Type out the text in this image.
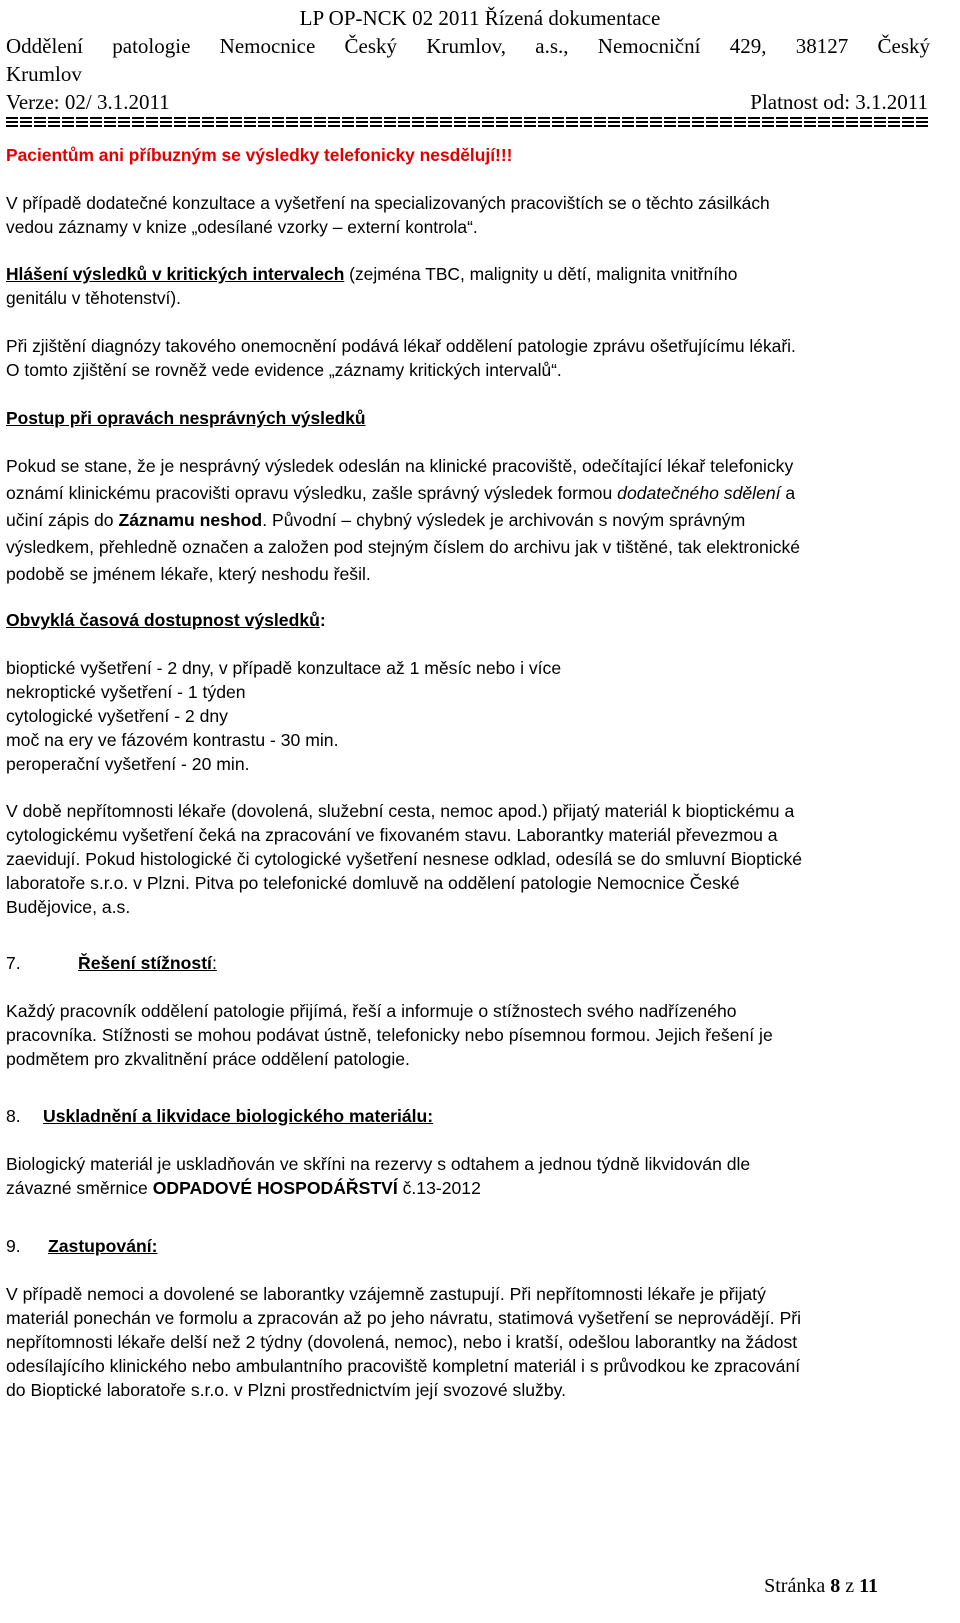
LP OP-NCK 02 2011 Řízená dokumentace
Oddělení patologie Nemocnice Český Krumlov, a.s., Nemocniční 429, 38127 Český
Krumlov
Verze: 02/ 3.1.2011	Platnost od: 3.1.2011
Pacientům ani příbuzným se výsledky telefonicky nesdělují!!!
V případě dodatečné konzultace a vyšetření na specializovaných pracovištích se o těchto zásilkách
vedou záznamy v knize „odesílané vzorky – externí kontrola“.
Hlášení výsledků v kritických intervalech (zejména TBC, malignity u dětí, malignita vnitřního
genitálu v těhotenství).
Při zjištění diagnózy takového onemocnění podává lékař oddělení patologie zprávu ošetřujícímu lékaři.
O tomto zjištění se rovněž vede evidence „záznamy kritických intervalů“.
Postup při opravách nesprávných výsledků
Pokud se stane, že je nesprávný výsledek odeslán na klinické pracoviště, odečítající lékař telefonicky
oznámí klinickému pracovišti opravu výsledku, zašle správný výsledek formou dodatečného sdělení a
učiní zápis do Záznamu neshod. Původní – chybný výsledek je archivován s novým správným
výsledkem, přehledně označen a založen pod stejným číslem do archivu jak v tištěné, tak elektronické
podobě se jménem lékaře, který neshodu řešil.
Obvyklá časová dostupnost výsledků:
bioptické vyšetření - 2 dny, v případě konzultace až 1 měsíc nebo i více
nekroptické vyšetření - 1 týden
cytologické vyšetření - 2 dny
moč na ery ve fázovém kontrastu - 30 min.
peroperační vyšetření - 20 min.
V době nepřítomnosti lékaře (dovolená, služební cesta, nemoc apod.) přijatý materiál k bioptickému a
cytologickému vyšetření čeká na zpracování ve fixovaném stavu. Laborantky materiál převezmou a
zaevidují. Pokud histologické či cytologické vyšetření nesnese odklad, odesílá se do smluvní Bioptické
laboratoře s.r.o. v Plzni. Pitva po telefonické domluvě na oddělení patologie Nemocnice České
Budějovice, a.s.
7.	Řešení stížností:
Každý pracovník oddělení patologie přijímá, řeší a informuje o stížnostech svého nadřízeného
pracovníka. Stížnosti se mohou podávat ústně, telefonicky nebo písemnou formou. Jejich řešení je
podmětem pro zkvalitnění práce oddělení patologie.
8. Uskladnění a likvidace biologického materiálu:
Biologický materiál je uskladňován ve skříni na rezervy s odtahem a jednou týdně likvidován dle
závazné směrnice ODPADOVÉ HOSPODÁŘSTVÍ č.13-2012
9. Zastupování:
V případě nemoci a dovolené se laborantky vzájemně zastupují. Při nepřítomnosti lékaře je přijatý
materiál ponechán ve formolu a zpracován až po jeho návratu, statimová vyšetření se neprovádějí. Při
nepřítomnosti lékaře delší než 2 týdny (dovolená, nemoc), nebo i kratší, odešlou laborantky na žádost
odesílajícího klinického nebo ambulantního pracoviště kompletní materiál i s průvodkou ke zpracování
do Bioptické laboratoře s.r.o. v Plzni prostřednictvím její svozové služby.
Stránka 8 z 11
